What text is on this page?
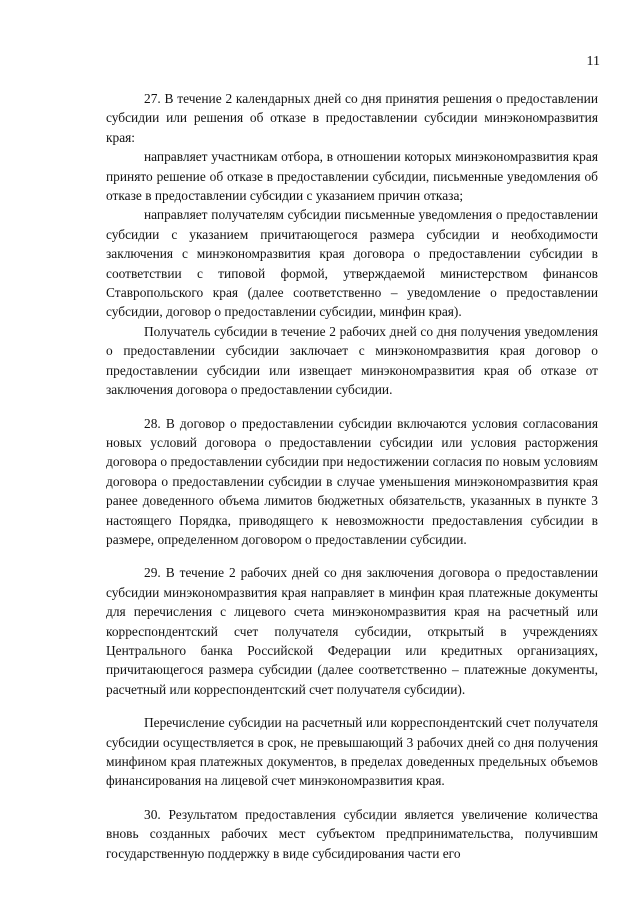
11

27. В течение 2 календарных дней со дня принятия решения о предоставлении субсидии или решения об отказе в предоставлении субсидии минэкономразвития края:

направляет участникам отбора, в отношении которых минэкономразвития края принято решение об отказе в предоставлении субсидии, письменные уведомления об отказе в предоставлении субсидии с указанием причин отказа;

направляет получателям субсидии письменные уведомления о предоставлении субсидии с указанием причитающегося размера субсидии и необходимости заключения с минэкономразвития края договора о предоставлении субсидии в соответствии с типовой формой, утверждаемой министерством финансов Ставропольского края (далее соответственно – уведомление о предоставлении субсидии, договор о предоставлении субсидии, минфин края).

Получатель субсидии в течение 2 рабочих дней со дня получения уведомления о предоставлении субсидии заключает с минэкономразвития края договор о предоставлении субсидии или извещает минэкономразвития края об отказе от заключения договора о предоставлении субсидии.

28. В договор о предоставлении субсидии включаются условия согласования новых условий договора о предоставлении субсидии или условия расторжения договора о предоставлении субсидии при недостижении согласия по новым условиям договора о предоставлении субсидии в случае уменьшения минэкономразвития края ранее доведенного объема лимитов бюджетных обязательств, указанных в пункте 3 настоящего Порядка, приводящего к невозможности предоставления субсидии в размере, определенном договором о предоставлении субсидии.

29. В течение 2 рабочих дней со дня заключения договора о предоставлении субсидии минэкономразвития края направляет в минфин края платежные документы для перечисления с лицевого счета минэкономразвития края на расчетный или корреспондентский счет получателя субсидии, открытый в учреждениях Центрального банка Российской Федерации или кредитных организациях, причитающегося размера субсидии (далее соответственно – платежные документы, расчетный или корреспондентский счет получателя субсидии).

Перечисление субсидии на расчетный или корреспондентский счет получателя субсидии осуществляется в срок, не превышающий 3 рабочих дней со дня получения минфином края платежных документов, в пределах доведенных предельных объемов финансирования на лицевой счет минэкономразвития края.

30. Результатом предоставления субсидии является увеличение количества вновь созданных рабочих мест субъектом предпринимательства, получившим государственную поддержку в виде субсидирования части его
